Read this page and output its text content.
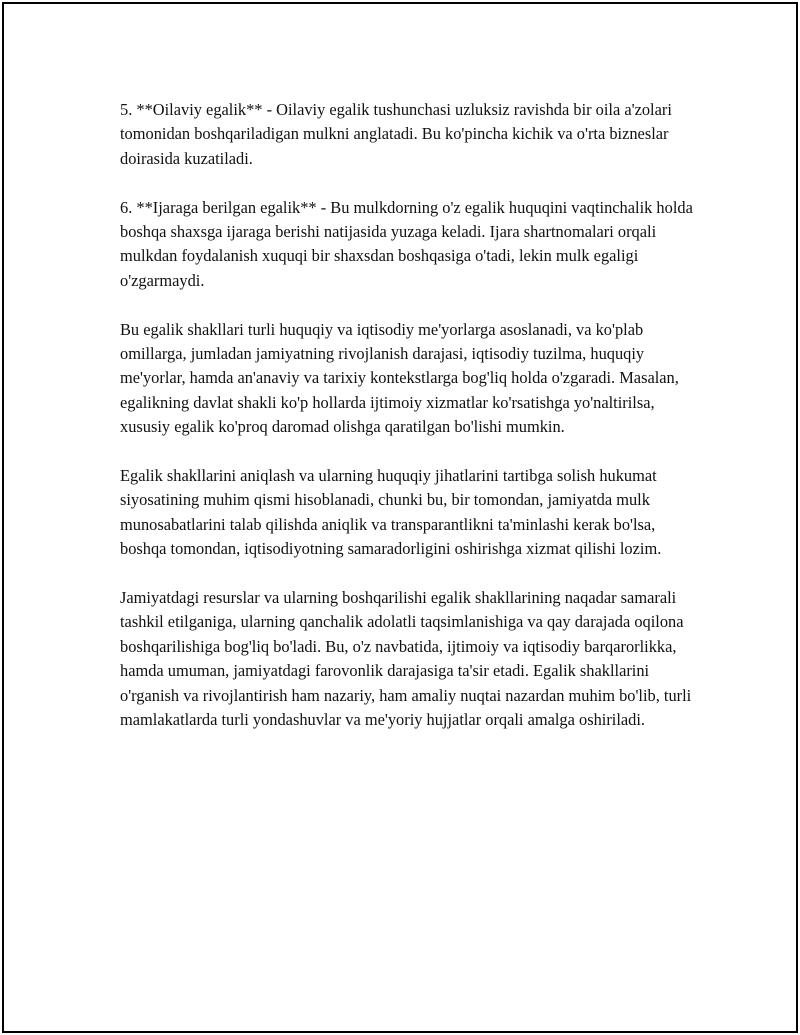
5. **Oilaviy egalik** - Oilaviy egalik tushunchasi uzluksiz ravishda bir oila a'zolari tomonidan boshqariladigan mulkni anglatadi. Bu ko'pincha kichik va o'rta bizneslar doirasida kuzatiladi.

6. **Ijaraga berilgan egalik** - Bu mulkdorning o'z egalik huquqini vaqtinchalik holda boshqa shaxsga ijaraga berishi natijasida yuzaga keladi. Ijara shartnomalari orqali mulkdan foydalanish xuquqi bir shaxsdan boshqasiga o'tadi, lekin mulk egaligi o'zgarmaydi.

Bu egalik shakllari turli huquqiy va iqtisodiy me'yorlarga asoslanadi, va ko'plab omillarga, jumladan jamiyatning rivojlanish darajasi, iqtisodiy tuzilma, huquqiy me'yorlar, hamda an'anaviy va tarixiy kontekstlarga bog'liq holda o'zgaradi. Masalan, egalikning davlat shakli ko'p hollarda ijtimoiy xizmatlar ko'rsatishga yo'naltirilsa, xususiy egalik ko'proq daromad olishga qaratilgan bo'lishi mumkin.

Egalik shakllarini aniqlash va ularning huquqiy jihatlarini tartibga solish hukumat siyosatining muhim qismi hisoblanadi, chunki bu, bir tomondan, jamiyatda mulk munosabatlarini talab qilishda aniqlik va transparantlikni ta'minlashi kerak bo'lsa, boshqa tomondan, iqtisodiyotning samaradorligini oshirishga xizmat qilishi lozim.

Jamiyatdagi resurslar va ularning boshqarilishi egalik shakllarining naqadar samarali tashkil etilganiga, ularning qanchalik adolatli taqsimlanishiga va qay darajada oqilona boshqarilishiga bog'liq bo'ladi. Bu, o'z navbatida, ijtimoiy va iqtisodiy barqarorlikka, hamda umuman, jamiyatdagi farovonlik darajasiga ta'sir etadi. Egalik shakllarini o'rganish va rivojlantirish ham nazariy, ham amaliy nuqtai nazardan muhim bo'lib, turli mamlakatlarda turli yondashuvlar va me'yoriy hujjatlar orqali amalga oshiriladi.
